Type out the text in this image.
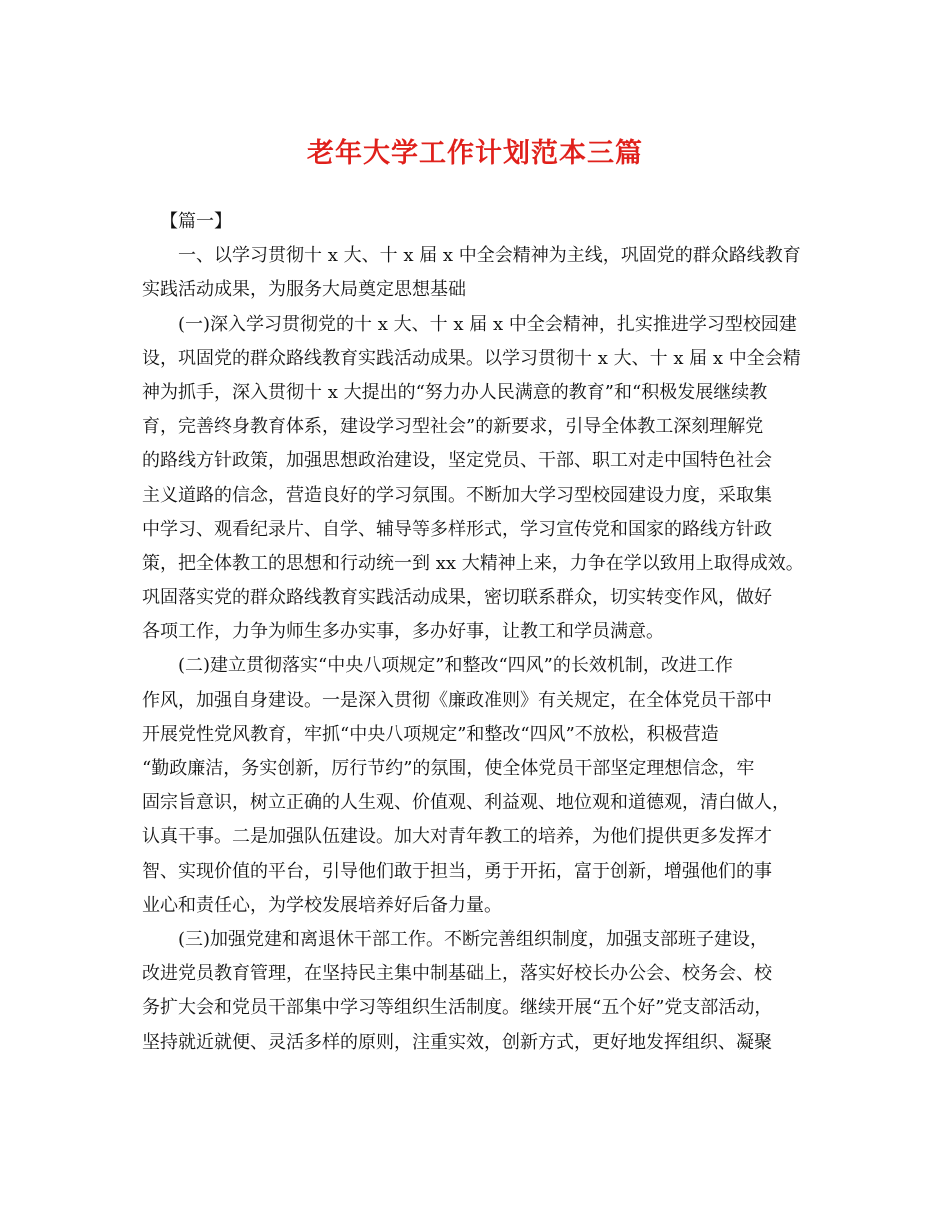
老年大学工作计划范本三篇
【篇一】
一、以学习贯彻十 x 大、十 x 届 x 中全会精神为主线，巩固党的群众路线教育
实践活动成果，为服务大局奠定思想基础
(一)深入学习贯彻党的十 x 大、十 x 届 x 中全会精神，扎实推进学习型校园建
设，巩固党的群众路线教育实践活动成果。以学习贯彻十 x 大、十 x 届 x 中全会精
神为抓手，深入贯彻十 x 大提出的“努力办人民满意的教育”和“积极发展继续教
育，完善终身教育体系，建设学习型社会”的新要求，引导全体教工深刻理解党
的路线方针政策，加强思想政治建设，坚定党员、干部、职工对走中国特色社会
主义道路的信念，营造良好的学习氛围。不断加大学习型校园建设力度，采取集
中学习、观看纪录片、自学、辅导等多样形式，学习宣传党和国家的路线方针政
策，把全体教工的思想和行动统一到 xx 大精神上来，力争在学以致用上取得成效。
巩固落实党的群众路线教育实践活动成果，密切联系群众，切实转变作风，做好
各项工作，力争为师生多办实事，多办好事，让教工和学员满意。
(二)建立贯彻落实“中央八项规定”和整改“四风”的长效机制，改进工作
作风，加强自身建设。一是深入贯彻《廉政准则》有关规定，在全体党员干部中
开展党性党风教育，牢抓“中央八项规定”和整改“四风”不放松，积极营造
“勤政廉洁，务实创新，厉行节约”的氛围，使全体党员干部坚定理想信念，牢
固宗旨意识，树立正确的人生观、价值观、利益观、地位观和道德观，清白做人，
认真干事。二是加强队伍建设。加大对青年教工的培养，为他们提供更多发挥才
智、实现价值的平台，引导他们敢于担当，勇于开拓，富于创新，增强他们的事
业心和责任心，为学校发展培养好后备力量。
(三)加强党建和离退休干部工作。不断完善组织制度，加强支部班子建设，
改进党员教育管理，在坚持民主集中制基础上，落实好校长办公会、校务会、校
务扩大会和党员干部集中学习等组织生活制度。继续开展“五个好”党支部活动，
坚持就近就便、灵活多样的原则，注重实效，创新方式，更好地发挥组织、凝聚
